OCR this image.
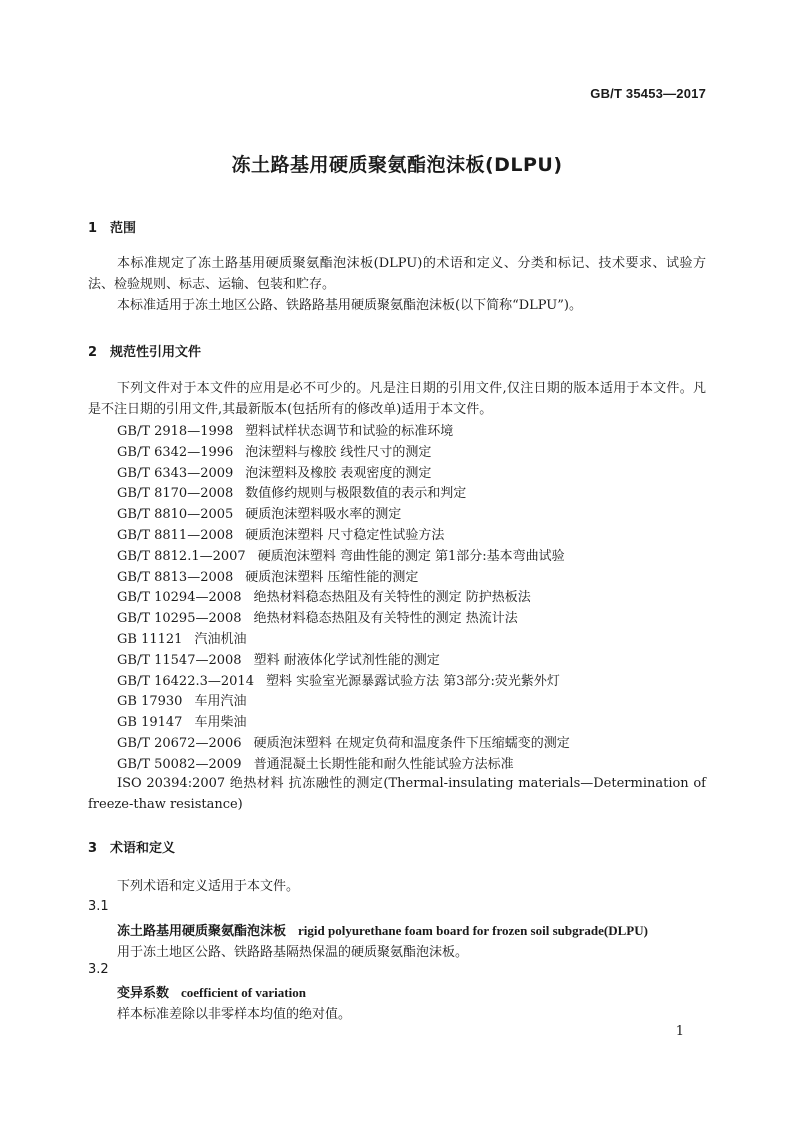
GB/T 35453—2017
冻土路基用硬质聚氨酯泡沫板(DLPU)
1 范围
本标准规定了冻土路基用硬质聚氨酯泡沫板(DLPU)的术语和定义、分类和标记、技术要求、试验方法、检验规则、标志、运输、包装和贮存。
本标准适用于冻土地区公路、铁路路基用硬质聚氨酯泡沫板(以下简称“DLPU”)。
2 规范性引用文件
下列文件对于本文件的应用是必不可少的。凡是注日期的引用文件,仅注日期的版本适用于本文件。凡是不注日期的引用文件,其最新版本(包括所有的修改单)适用于本文件。
GB/T 2918—1998 塑料试样状态调节和试验的标准环境
GB/T 6342—1996 泡沫塑料与橡胶 线性尺寸的测定
GB/T 6343—2009 泡沫塑料及橡胶 表观密度的测定
GB/T 8170—2008 数值修约规则与极限数值的表示和判定
GB/T 8810—2005 硬质泡沫塑料吸水率的测定
GB/T 8811—2008 硬质泡沫塑料 尺寸稳定性试验方法
GB/T 8812.1—2007 硬质泡沫塑料 弯曲性能的测定 第1部分:基本弯曲试验
GB/T 8813—2008 硬质泡沫塑料 压缩性能的测定
GB/T 10294—2008 绝热材料稳态热阻及有关特性的测定 防护热板法
GB/T 10295—2008 绝热材料稳态热阻及有关特性的测定 热流计法
GB 11121 汽油机油
GB/T 11547—2008 塑料 耐液体化学试剂性能的测定
GB/T 16422.3—2014 塑料 实验室光源暴露试验方法 第3部分:荧光紫外灯
GB 17930 车用汽油
GB 19147 车用柴油
GB/T 20672—2006 硬质泡沫塑料 在规定负荷和温度条件下压缩蠕变的测定
GB/T 50082—2009 普通混凝土长期性能和耐久性能试验方法标准
ISO 20394:2007 绝热材料 抗冻融性的测定(Thermal-insulating materials—Determination of freeze-thaw resistance)
3 术语和定义
下列术语和定义适用于本文件。
3.1
冻土路基用硬质聚氨酯泡沫板 rigid polyurethane foam board for frozen soil subgrade(DLPU)
用于冻土地区公路、铁路路基隔热保温的硬质聚氨酯泡沫板。
3.2
变异系数 coefficient of variation
样本标准差除以非零样本均值的绝对值。
1
